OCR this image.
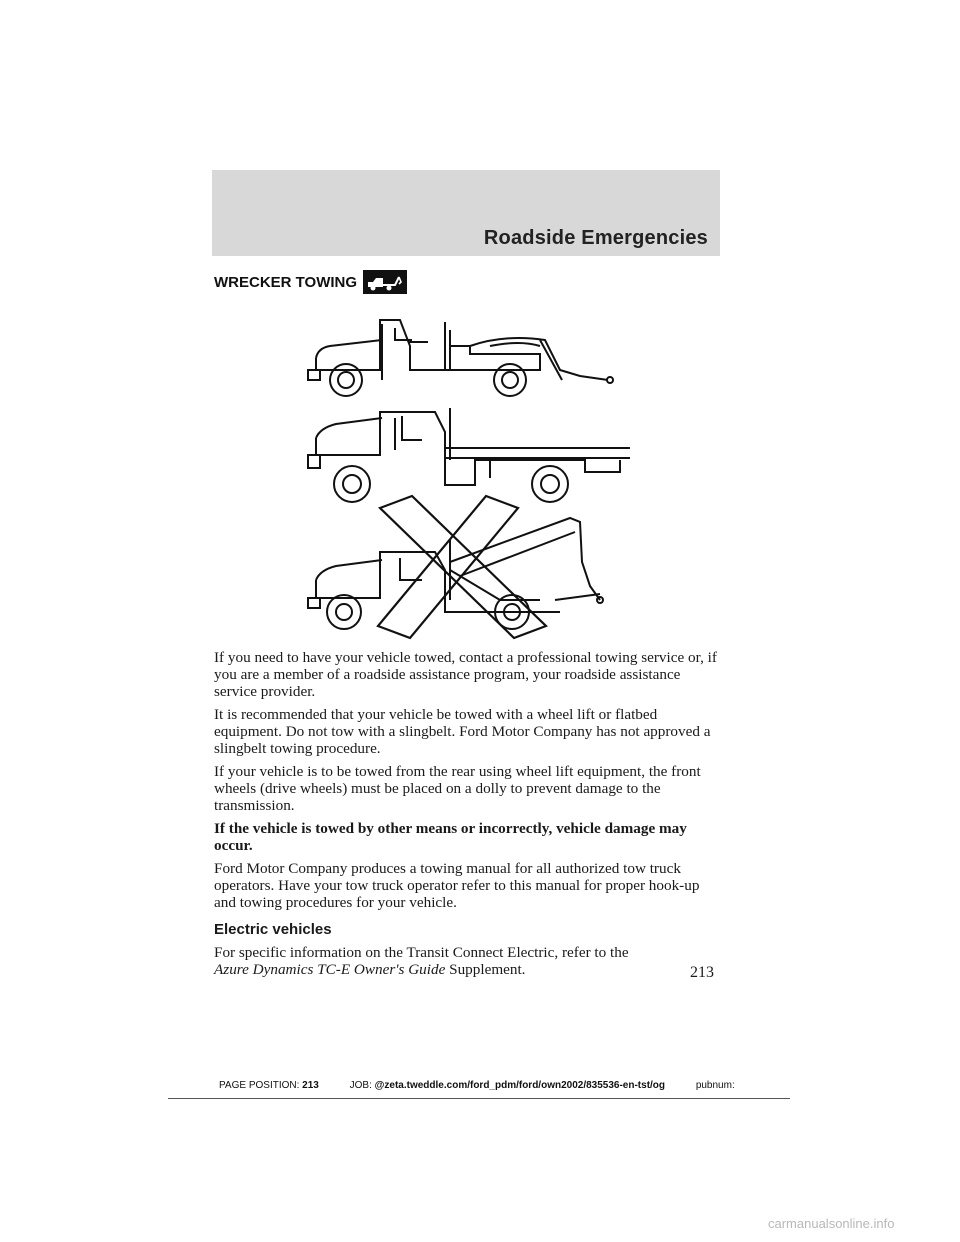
Roadside Emergencies
WRECKER TOWING

If you need to have your vehicle towed, contact a professional towing service or, if you are a member of a roadside assistance program, your roadside assistance service provider.

It is recommended that your vehicle be towed with a wheel lift or flatbed equipment. Do not tow with a slingbelt. Ford Motor Company has not approved a slingbelt towing procedure.

If your vehicle is to be towed from the rear using wheel lift equipment, the front wheels (drive wheels) must be placed on a dolly to prevent damage to the transmission.

If the vehicle is towed by other means or incorrectly, vehicle damage may occur.

Ford Motor Company produces a towing manual for all authorized tow truck operators. Have your tow truck operator refer to this manual for proper hook-up and towing procedures for your vehicle.

Electric vehicles

For specific information on the Transit Connect Electric, refer to the
Azure Dynamics TC-E Owner's Guide Supplement.	213
PAGE POSITION: 213	JOB: @zeta.tweddle.com/ford_pdm/ford/own2002/835536-en-tst/og	pubnum:
carmanualsonline.info
